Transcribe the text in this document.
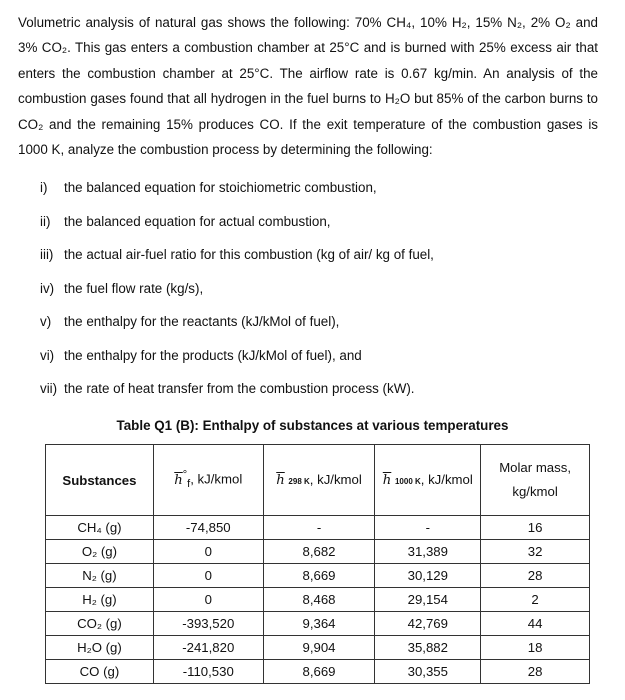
Volumetric analysis of natural gas shows the following: 70% CH₄, 10% H₂, 15% N₂, 2% O₂ and 3% CO₂. This gas enters a combustion chamber at 25°C and is burned with 25% excess air that enters the combustion chamber at 25°C. The airflow rate is 0.67 kg/min. An analysis of the combustion gases found that all hydrogen in the fuel burns to H₂O but 85% of the carbon burns to CO₂ and the remaining 15% produces CO. If the exit temperature of the combustion gases is 1000 K, analyze the combustion process by determining the following:
i)	the balanced equation for stoichiometric combustion,
ii)	the balanced equation for actual combustion,
iii) the actual air-fuel ratio for this combustion (kg of air/ kg of fuel,
iv) the fuel flow rate (kg/s),
v) the enthalpy for the reactants (kJ/kMol of fuel),
vi) the enthalpy for the products (kJ/kMol of fuel), and
vii) the rate of heat transfer from the combustion process (kW).
Table Q1 (B): Enthalpy of substances at various temperatures
Substances	$\overline{h}^\circ_f$, kJ/kmol	$\overline{h}$ 298 K, kJ/kmol	$\overline{h}$ 1000 K, kJ/kmol	Molar mass,
kg/kmol

CH₄ (g)	-74,850	-	-	16
O₂ (g)	0	8,682	31,389	32
N₂ (g)	0	8,669	30,129	28
H₂ (g)	0	8,468	29,154	2
CO₂ (g)	-393,520	9,364	42,769	44
H₂O (g)	-241,820	9,904	35,882	18
CO (g)	-110,530	8,669	30,355	28
